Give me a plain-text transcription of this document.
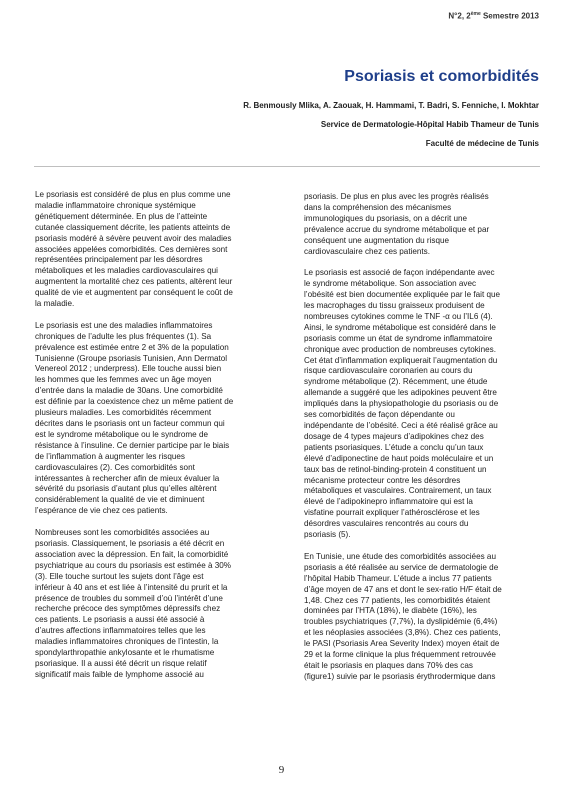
N°2, 2ème Semestre 2013
Psoriasis et comorbidités
R. Benmously Mlika, A. Zaouak, H. Hammami, T. Badri, S. Fenniche, I. Mokhtar
Service de Dermatologie-Hôpital Habib Thameur de Tunis
Faculté de médecine de Tunis

Le psoriasis est considéré de plus en plus comme une
maladie inflammatoire chronique systémique
génétiquement déterminée. En plus de l’atteinte
cutanée classiquement décrite, les patients atteints de
psoriasis modéré à sévère peuvent avoir des maladies
associées appelées comorbidités. Ces dernières sont
représentées principalement par les désordres
métaboliques et les maladies cardiovasculaires qui
augmentent la mortalité chez ces patients, altèrent leur
qualité de vie et augmentent par conséquent le coût de
la maladie.

Le psoriasis est une des maladies inflammatoires
chroniques de l’adulte les plus fréquentes (1). Sa
prévalence est estimée entre 2 et 3% de la population
Tunisienne (Groupe psoriasis Tunisien, Ann Dermatol
Venereol 2012 ; underpress). Elle touche aussi bien
les hommes que les femmes avec un âge moyen
d’entrée dans la maladie de 30ans. Une comorbidité
est définie par la coexistence chez un même patient de
plusieurs maladies. Les comorbidités récemment
décrites dans le psoriasis ont un facteur commun qui
est le syndrome métabolique ou le syndrome de
résistance à l’insuline. Ce dernier participe par le biais
de l’inflammation à augmenter les risques
cardiovasculaires (2). Ces comorbidités sont
intéressantes à rechercher afin de mieux évaluer la
sévérité du psoriasis d’autant plus qu’elles altèrent
considérablement la qualité de vie et diminuent
l’espérance de vie chez ces patients.

Nombreuses sont les comorbidités associées au
psoriasis. Classiquement, le psoriasis a été décrit en
association avec la dépression. En fait, la comorbidité
psychiatrique au cours du psoriasis est estimée à 30%
(3). Elle touche surtout les sujets dont l’âge est
inférieur à 40 ans et est liée à l’intensité du prurit et la
présence de troubles du sommeil d’où l’intérêt d’une
recherche précoce des symptômes dépressifs chez
ces patients. Le psoriasis a aussi été associé à
d’autres affections inflammatoires telles que les
maladies inflammatoires chroniques de l’intestin, la
spondylarthropathie ankylosante et le rhumatisme
psoriasique. Il a aussi été décrit un risque relatif
significatif mais faible de lymphome associé au

psoriasis. De plus en plus avec les progrès réalisés
dans la compréhension des mécanismes
immunologiques du psoriasis, on a décrit une
prévalence accrue du syndrome métabolique et par
conséquent une augmentation du risque
cardiovasculaire chez ces patients.

Le psoriasis est associé de façon indépendante avec
le syndrome métabolique. Son association avec
l’obésité est bien documentée expliquée par le fait que
les macrophages du tissu graisseux produisent de
nombreuses cytokines comme le TNF -α ou l’IL6 (4).
Ainsi, le syndrome métabolique est considéré dans le
psoriasis comme un état de syndrome inflammatoire
chronique avec production de nombreuses cytokines.
Cet état d’inflammation expliquerait l’augmentation du
risque cardiovasculaire coronarien au cours du
syndrome métabolique (2). Récemment, une étude
allemande a suggéré que les adipokines peuvent être
impliqués dans la physiopathologie du psoriasis ou de
ses comorbidités de façon dépendante ou
indépendante de l’obésité. Ceci a été réalisé grâce au
dosage de 4 types majeurs d’adipokines chez des
patients psoriasiques. L’étude a conclu qu’un taux
élevé d’adiponectine de haut poids moléculaire et un
taux bas de retinol-binding-protein 4 constituent un
mécanisme protecteur contre les désordres
métaboliques et vasculaires. Contrairement, un taux
élevé de l’adipokinepro inflammatoire qui est la
visfatine pourrait expliquer l’athérosclérose et les
désordres vasculaires rencontrés au cours du
psoriasis (5).

En Tunisie, une étude des comorbidités associées au
psoriasis a été réalisée au service de dermatologie de
l’hôpital Habib Thameur. L’étude a inclus 77 patients
d’âge moyen de 47 ans et dont le sex-ratio H/F était de
1,48. Chez ces 77 patients, les comorbidités étaient
dominées par l’HTA (18%), le diabète (16%), les
troubles psychiatriques (7,7%), la dyslipidémie (6,4%)
et les néoplasies associées (3,8%). Chez ces patients,
le PASI (Psoriasis Area Severity Index) moyen était de
29 et la forme clinique la plus fréquemment retrouvée
était le psoriasis en plaques dans 70% des cas
(figure1) suivie par le psoriasis érythrodermique dans

9
